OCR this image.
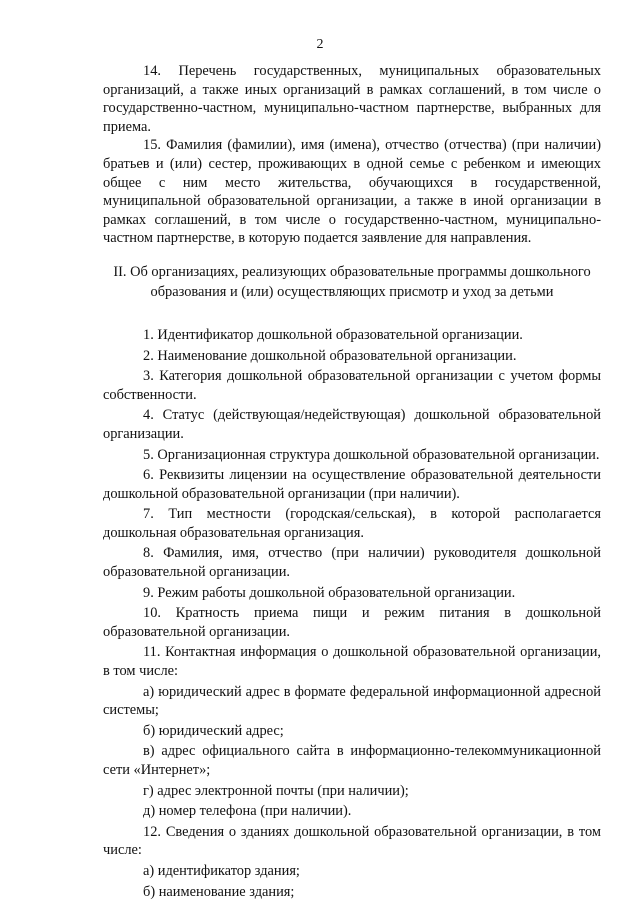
2

14. Перечень государственных, муниципальных образовательных организаций, а также иных организаций в рамках соглашений, в том числе о государственно-частном, муниципально-частном партнерстве, выбранных для приема.

15. Фамилия (фамилии), имя (имена), отчество (отчества) (при наличии) братьев и (или) сестер, проживающих в одной семье с ребенком и имеющих общее с ним место жительства, обучающихся в государственной, муниципальной образовательной организации, а также в иной организации в рамках соглашений, в том числе о государственно-частном, муниципально-частном партнерстве, в которую подается заявление для направления.

II. Об организациях, реализующих образовательные программы дошкольного
образования и (или) осуществляющих присмотр и уход за детьми

1. Идентификатор дошкольной образовательной организации.

2. Наименование дошкольной образовательной организации.

3. Категория дошкольной образовательной организации с учетом формы собственности.

4. Статус (действующая/недействующая) дошкольной образовательной организации.

5. Организационная структура дошкольной образовательной организации.

6. Реквизиты лицензии на осуществление образовательной деятельности дошкольной образовательной организации (при наличии).

7. Тип местности (городская/сельская), в которой располагается дошкольная образовательная организация.

8. Фамилия, имя, отчество (при наличии) руководителя дошкольной образовательной организации.

9. Режим работы дошкольной образовательной организации.

10. Кратность приема пищи и режим питания в дошкольной образовательной организации.

11. Контактная информация о дошкольной образовательной организации, в том числе:

а) юридический адрес в формате федеральной информационной адресной системы;

б) юридический адрес;

в) адрес официального сайта в информационно-телекоммуникационной сети «Интернет»;

г) адрес электронной почты (при наличии);

д) номер телефона (при наличии).

12. Сведения о зданиях дошкольной образовательной организации, в том числе:

а) идентификатор здания;

б) наименование здания;
